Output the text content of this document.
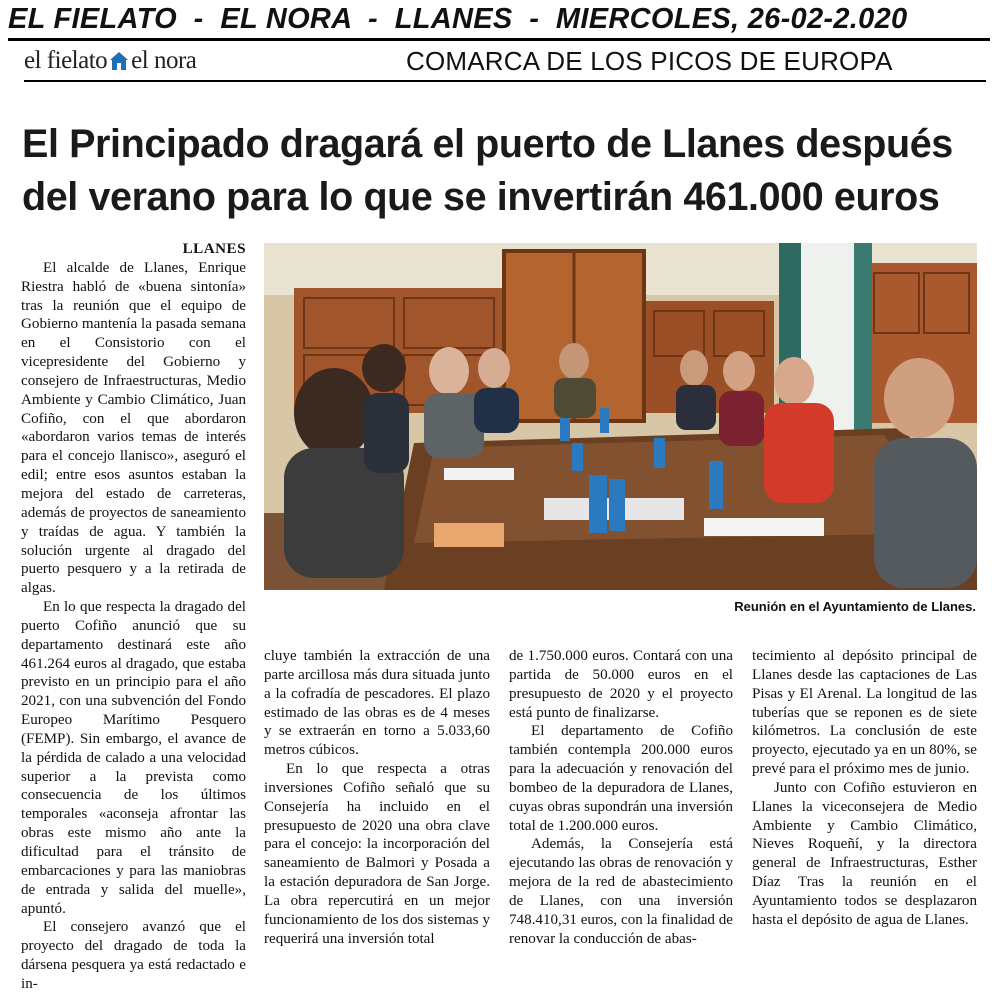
EL FIELATO  -  EL NORA  -  LLANES  -  MIERCOLES, 26-02-2.020
el fielato el nora	COMARCA DE LOS PICOS DE EUROPA
El Principado dragará el puerto de Llanes después del verano para lo que se invertirán 461.000 euros

LLANES

El alcalde de Llanes, Enrique Riestra habló de «buena sintonía» tras la reunión que el equipo de Gobierno mantenía la pasada semana en el Consistorio con el vicepresidente del Gobierno y consejero de Infraestructuras, Medio Ambiente y Cambio Climático, Juan Cofiño, con el que abordaron «abordaron varios temas de interés para el concejo llanisco», aseguró el edil; entre esos asuntos estaban la mejora del estado de carreteras, además de proyectos de saneamiento y traídas de agua. Y también la solución urgente al dragado del puerto pesquero y a la retirada de algas.

En lo que respecta la dragado del puerto Cofiño anunció que su departamento destinará este año 461.264 euros al dragado, que estaba previsto en un principio para el año 2021, con una subvención del Fondo Europeo Marítimo Pesquero (FEMP). Sin embargo, el avance de la pérdida de calado a una velocidad superior a la prevista como consecuencia de los últimos temporales «aconseja afrontar las obras este mismo año ante la dificultad para el tránsito de embarcaciones y para las maniobras de entrada y salida del muelle», apuntó.

El consejero avanzó que el proyecto del dragado de toda la dársena pesquera ya está redactado e in-

Reunión en el Ayuntamiento de Llanes.

cluye también la extracción de una parte arcillosa más dura situada junto a la cofradía de pescadores. El plazo estimado de las obras es de 4 meses y se extraerán en torno a 5.033,60 metros cúbicos.

En lo que respecta a otras inversiones Cofiño señaló que su Consejería ha incluido en el presupuesto de 2020 una obra clave para el concejo: la incorporación del saneamiento de Balmori y Posada a la estación depuradora de San Jorge. La obra repercutirá en un mejor funcionamiento de los dos sistemas y requerirá una inversión total

de 1.750.000 euros. Contará con una partida de 50.000 euros en el presupuesto de 2020 y el proyecto está punto de finalizarse.

El departamento de Cofiño también contempla 200.000 euros para la adecuación y renovación del bombeo de la depuradora de Llanes, cuyas obras supondrán una inversión total de 1.200.000 euros.

Además, la Consejería está ejecutando las obras de renovación y mejora de la red de abastecimiento de Llanes, con una inversión 748.410,31 euros, con la finalidad de renovar la conducción de abas-

tecimiento al depósito principal de Llanes desde las captaciones de Las Pisas y El Arenal. La longitud de las tuberías que se reponen es de siete kilómetros. La conclusión de este proyecto, ejecutado ya en un 80%, se prevé para el próximo mes de junio.

Junto con Cofiño estuvieron en Llanes la viceconsejera de Medio Ambiente y Cambio Climático, Nieves Roqueñí, y la directora general de Infraestructuras, Esther Díaz Tras la reunión en el Ayuntamiento todos se desplazaron hasta el depósito de agua de Llanes.
